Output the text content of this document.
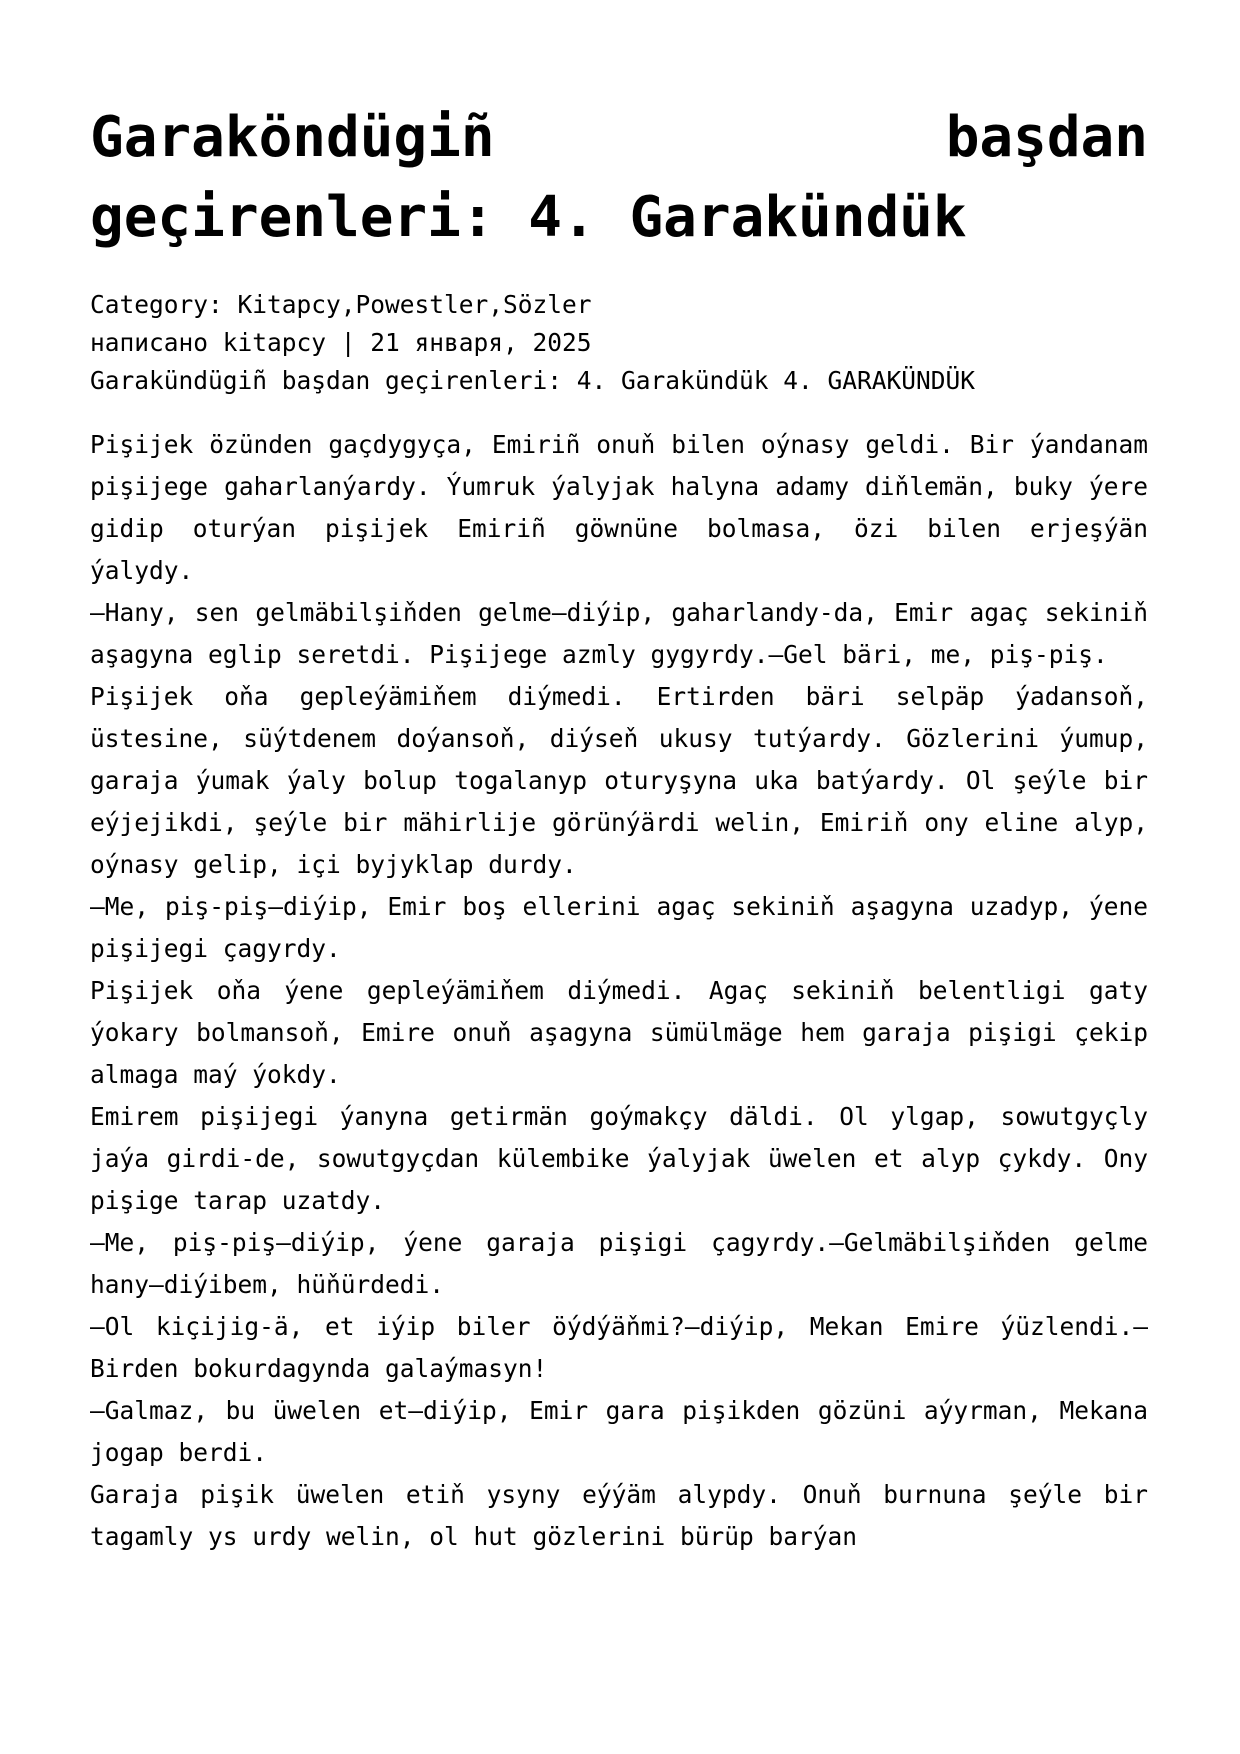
Garaköndügiñ başdan geçirenleri: 4. Garakündük
Category: Kitapcy,Powestler,Sözler
написано kitapcy | 21 января, 2025
Garakündügiñ başdan geçirenleri: 4. Garakündük 4. GARAKÜNDÜK

Pişijek özünden gaçdygyça, Emiriñ onuň bilen oýnasy geldi. Bir ýandanam pişijege gaharlanýardy. Ýumruk ýalyjak halyna adamy diňlemän, buky ýere gidip oturýan pişijek Emiriñ göwnüne bolmasa, özi bilen erjeşýän ýalydy.

—Hany, sen gelmäbilşiňden gelme—diýip, gaharlandy-da, Emir agaç sekiniň aşagyna eglip seretdi. Pişijege azmly gygyrdy.—Gel bäri, me, piş-piş.

Pişijek oňa gepleýämiňem diýmedi. Ertirden bäri selpäp ýadansoň, üstesine, süýtdenem doýansoň, diýseň ukusy tutýardy. Gözlerini ýumup, garaja ýumak ýaly bolup togalanyp oturyşyna uka batýardy. Ol şeýle bir eýjejikdi, şeýle bir mähirlije görünýärdi welin, Emiriň ony eline alyp, oýnasy gelip, içi byjyklap durdy.

—Me, piş-piş—diýip, Emir boş ellerini agaç sekiniň aşagyna uzadyp, ýene pişijegi çagyrdy.

Pişijek oňa ýene gepleýämiňem diýmedi. Agaç sekiniň belentligi gaty ýokary bolmansoň, Emire onuň aşagyna sümülmäge hem garaja pişigi çekip almaga maý ýokdy.

Emirem pişijegi ýanyna getirmän goýmakçy däldi. Ol ylgap, sowutgyçly jaýa girdi-de, sowutgyçdan külembike ýalyjak üwelen et alyp çykdy. Ony pişige tarap uzatdy.

—Me, piş-piş—diýip, ýene garaja pişigi çagyrdy.—Gelmäbilşiňden gelme hany—diýibem, hüňürdedi.

—Ol kiçijig-ä, et iýip biler öýdýäňmi?—diýip, Mekan Emire ýüzlendi.—Birden bokurdagynda galaýmasyn!

—Galmaz, bu üwelen et—diýip, Emir gara pişikden gözüni aýyrman, Mekana jogap berdi.

Garaja pişik üwelen etiň ysyny eýýäm alypdy. Onuň burnuna şeýle bir tagamly ys urdy welin, ol hut gözlerini bürüp barýan
